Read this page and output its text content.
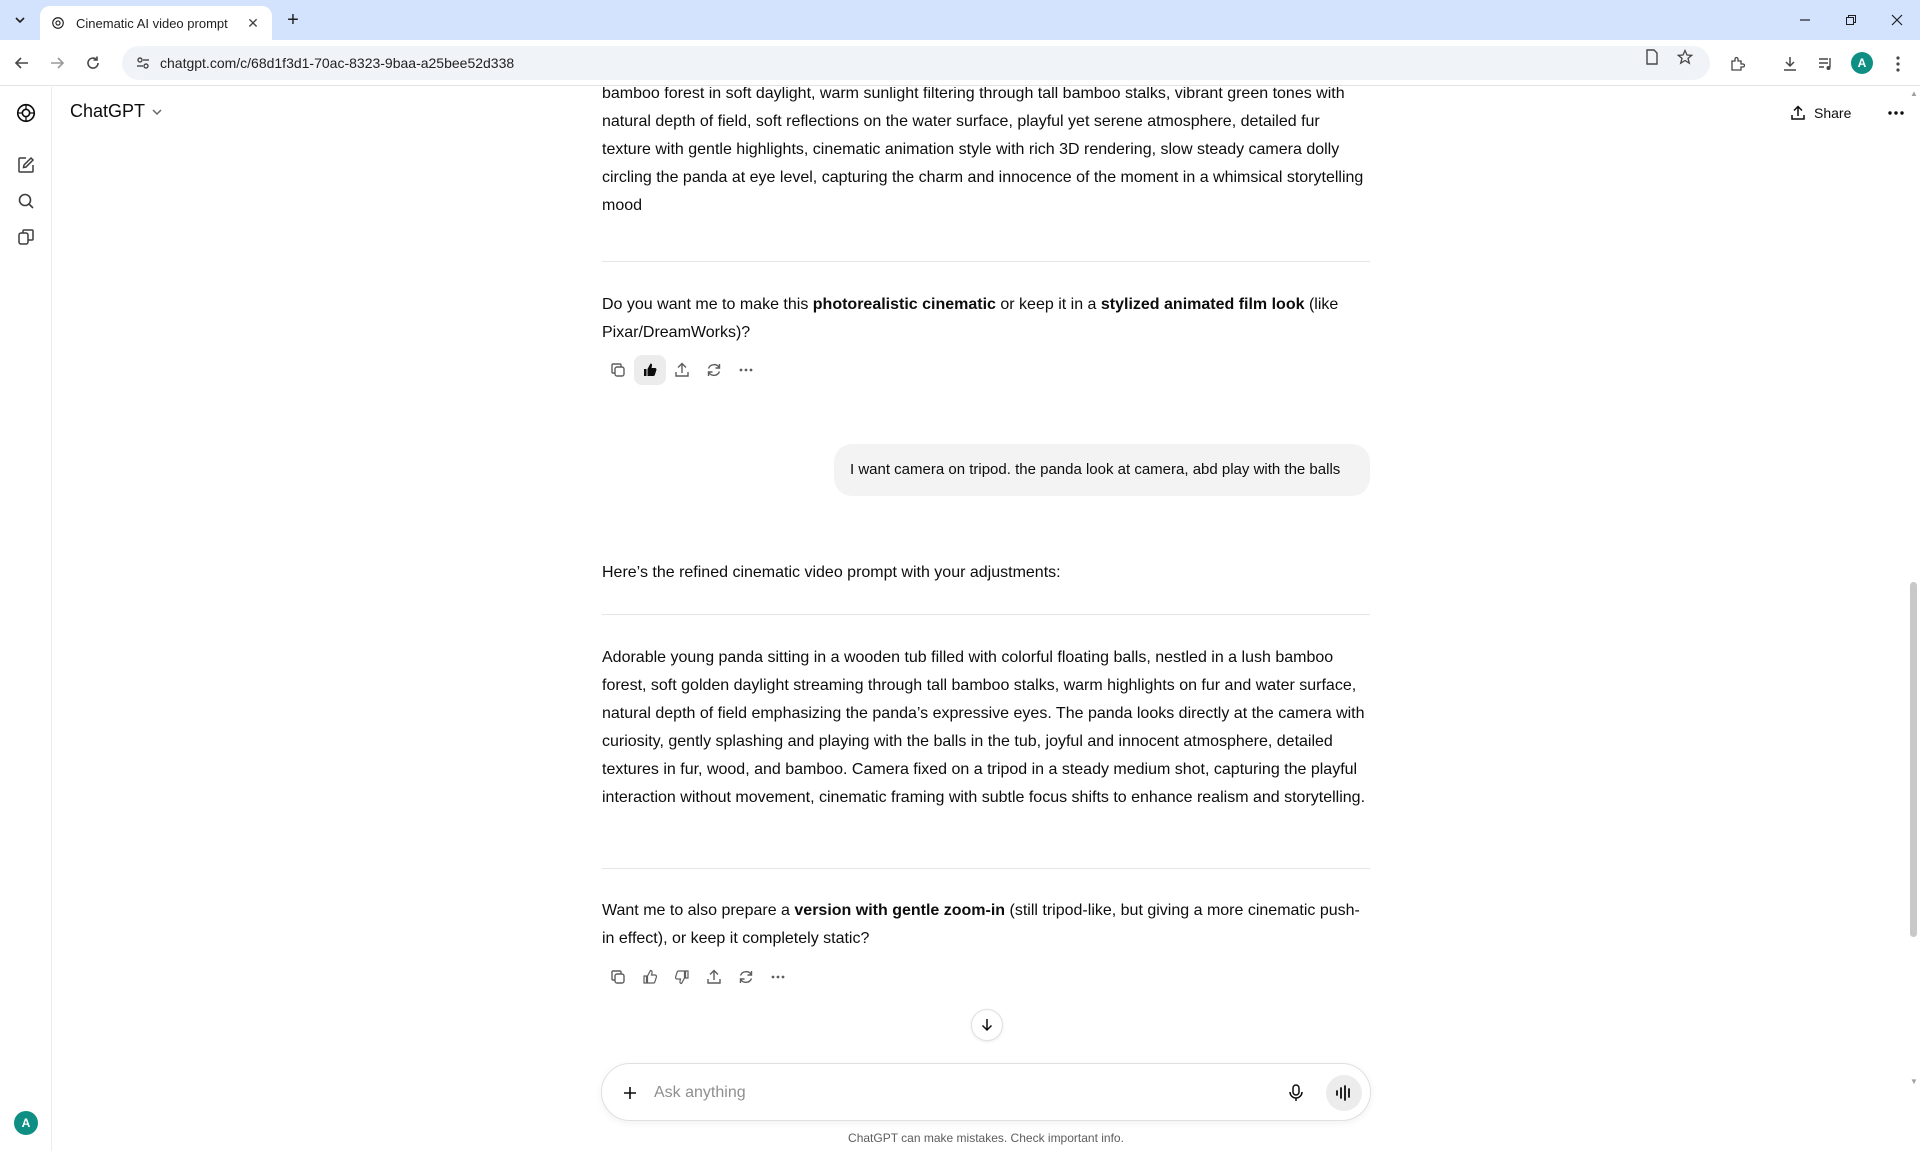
Cinematic AI video prompt	✕ +
chatgpt.com/c/68d1f3d1-70ac-8323-9baa-a25bee52d338	A
A
ChatGPT	Share
bamboo forest in soft daylight, warm sunlight filtering through tall bamboo stalks, vibrant green tones with
natural depth of field, soft reflections on the water surface, playful yet serene atmosphere, detailed fur
texture with gentle highlights, cinematic animation style with rich 3D rendering, slow steady camera dolly
circling the panda at eye level, capturing the charm and innocence of the moment in a whimsical storytelling
mood
Do you want me to make this photorealistic cinematic or keep it in a stylized animated film look (like Pixar/DreamWorks)?
I want camera on tripod. the panda look at camera, abd play with the balls
Here’s the refined cinematic video prompt with your adjustments:
Adorable young panda sitting in a wooden tub filled with colorful floating balls, nestled in a lush bamboo forest, soft golden daylight streaming through tall bamboo stalks, warm highlights on fur and water surface, natural depth of field emphasizing the panda’s expressive eyes. The panda looks directly at the camera with curiosity, gently splashing and playing with the balls in the tub, joyful and innocent atmosphere, detailed textures in fur, wood, and bamboo. Camera fixed on a tripod in a steady medium shot, capturing the playful interaction without movement, cinematic framing with subtle focus shifts to enhance realism and storytelling.
Want me to also prepare a version with gentle zoom-in (still tripod-like, but giving a more cinematic push-in effect), or keep it completely static?
Ask anything
ChatGPT can make mistakes. Check important info.
▲
▼
